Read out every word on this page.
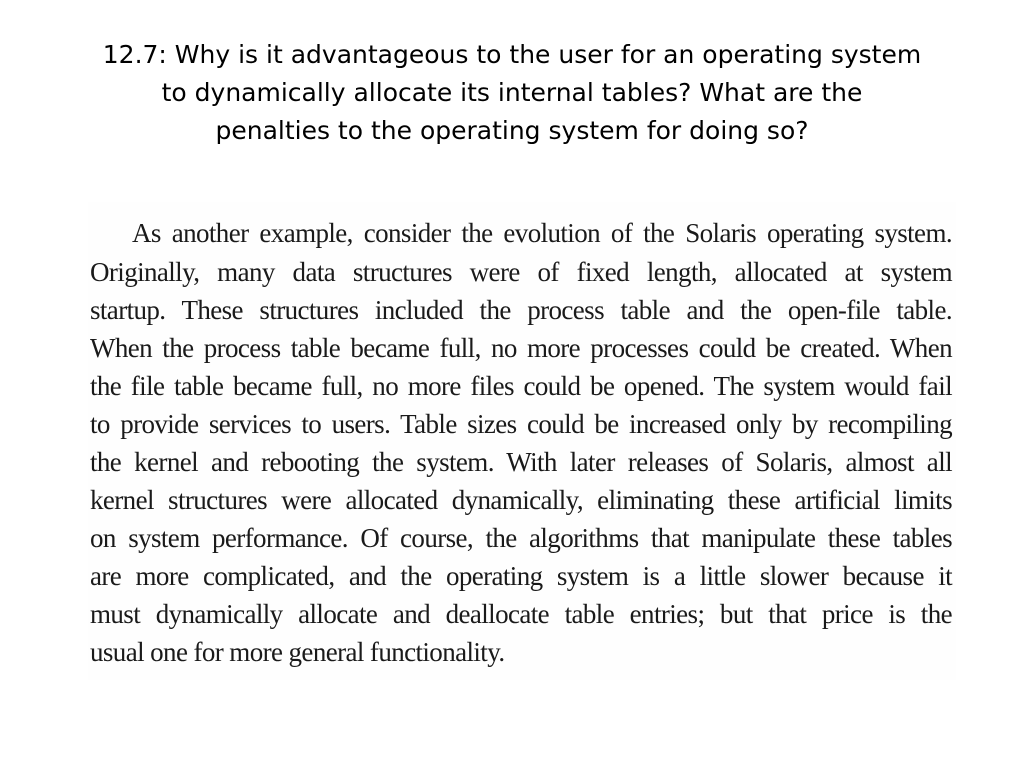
12.7: Why is it advantageous to the user for an operating system
to dynamically allocate its internal tables? What are the
penalties to the operating system for doing so?
As another example, consider the evolution of the Solaris operating system.
Originally, many data structures were of fixed length, allocated at system
startup. These structures included the process table and the open-file table.
When the process table became full, no more processes could be created. When
the file table became full, no more files could be opened. The system would fail
to provide services to users. Table sizes could be increased only by recompiling
the kernel and rebooting the system. With later releases of Solaris, almost all
kernel structures were allocated dynamically, eliminating these artificial limits
on system performance. Of course, the algorithms that manipulate these tables
are more complicated, and the operating system is a little slower because it
must dynamically allocate and deallocate table entries; but that price is the
usual one for more general functionality.
